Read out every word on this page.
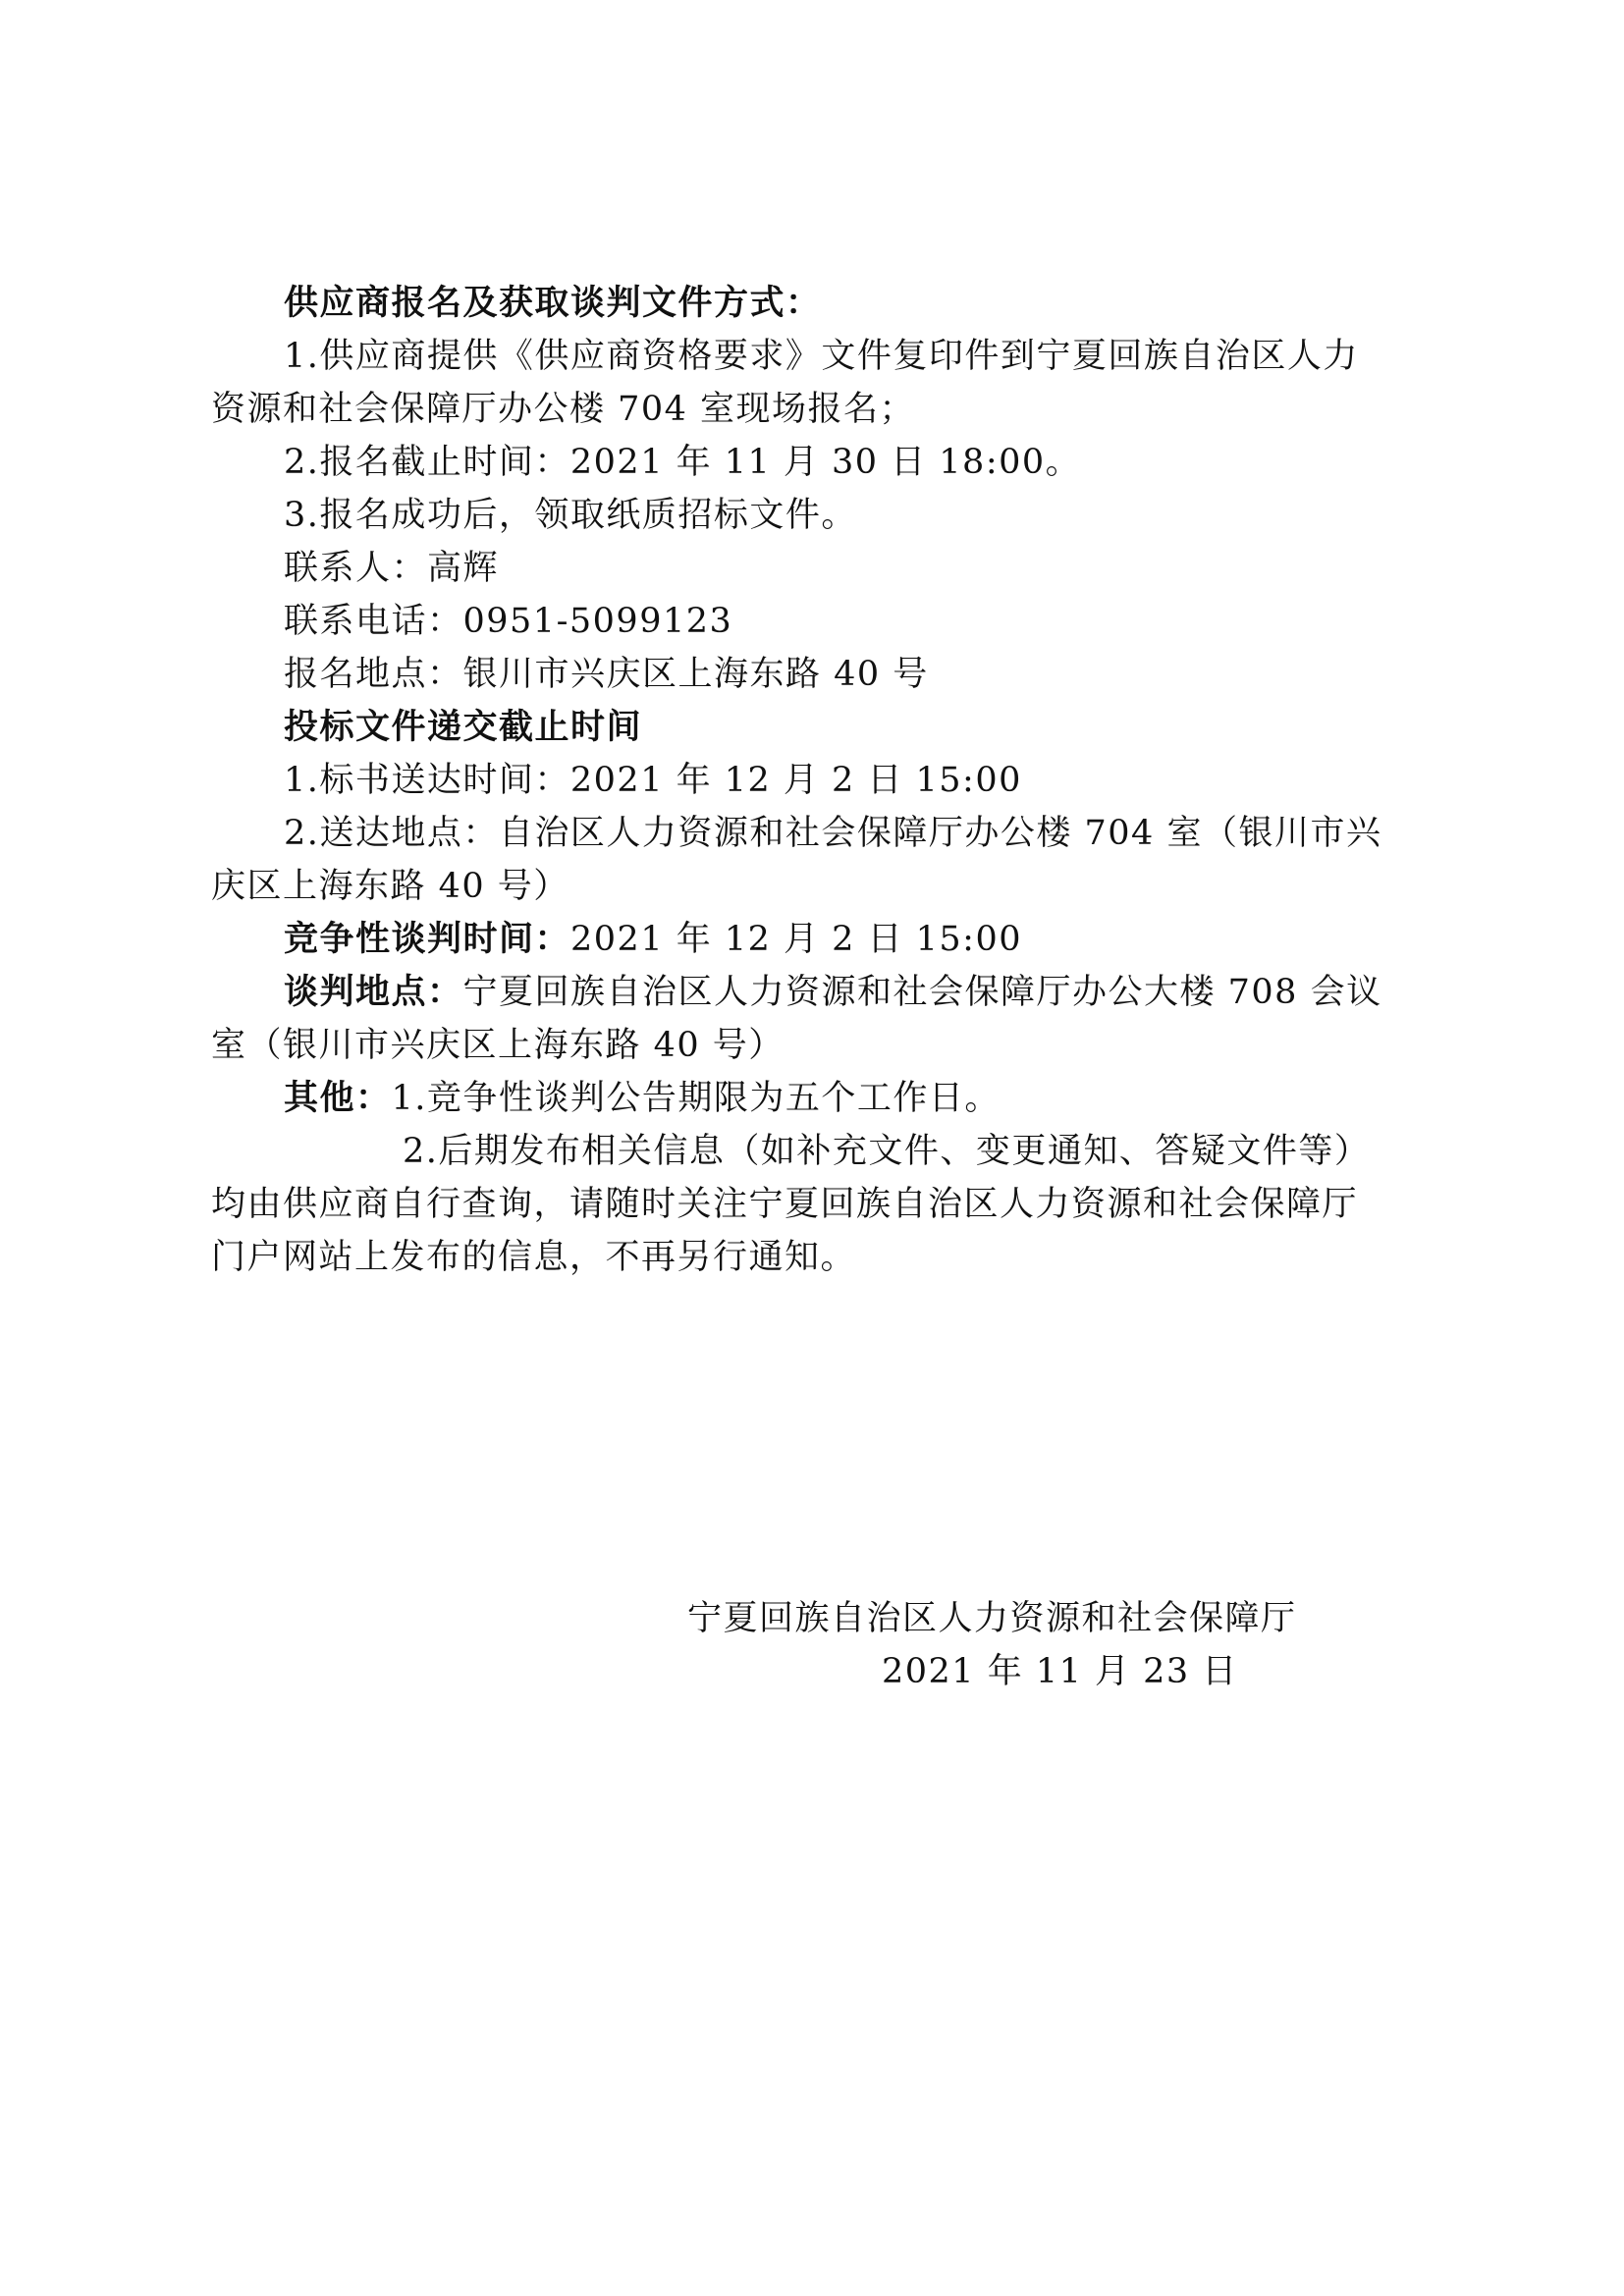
供应商报名及获取谈判文件方式：
1.供应商提供《供应商资格要求》文件复印件到宁夏回族自治区人力
资源和社会保障厅办公楼 704 室现场报名；
2.报名截止时间：2021 年 11 月 30 日 18:00。
3.报名成功后，领取纸质招标文件。
联系人：高辉
联系电话：0951-5099123
报名地点：银川市兴庆区上海东路 40 号
投标文件递交截止时间
1.标书送达时间：2021 年 12 月 2 日 15:00
2.送达地点：自治区人力资源和社会保障厅办公楼 704 室（银川市兴
庆区上海东路 40 号）
竞争性谈判时间：2021 年 12 月 2 日 15:00
谈判地点：宁夏回族自治区人力资源和社会保障厅办公大楼 708 会议
室（银川市兴庆区上海东路 40 号）
其他：1.竞争性谈判公告期限为五个工作日。
2.后期发布相关信息（如补充文件、变更通知、答疑文件等）
均由供应商自行查询，请随时关注宁夏回族自治区人力资源和社会保障厅
门户网站上发布的信息，不再另行通知。
宁夏回族自治区人力资源和社会保障厅
2021 年 11 月 23 日
